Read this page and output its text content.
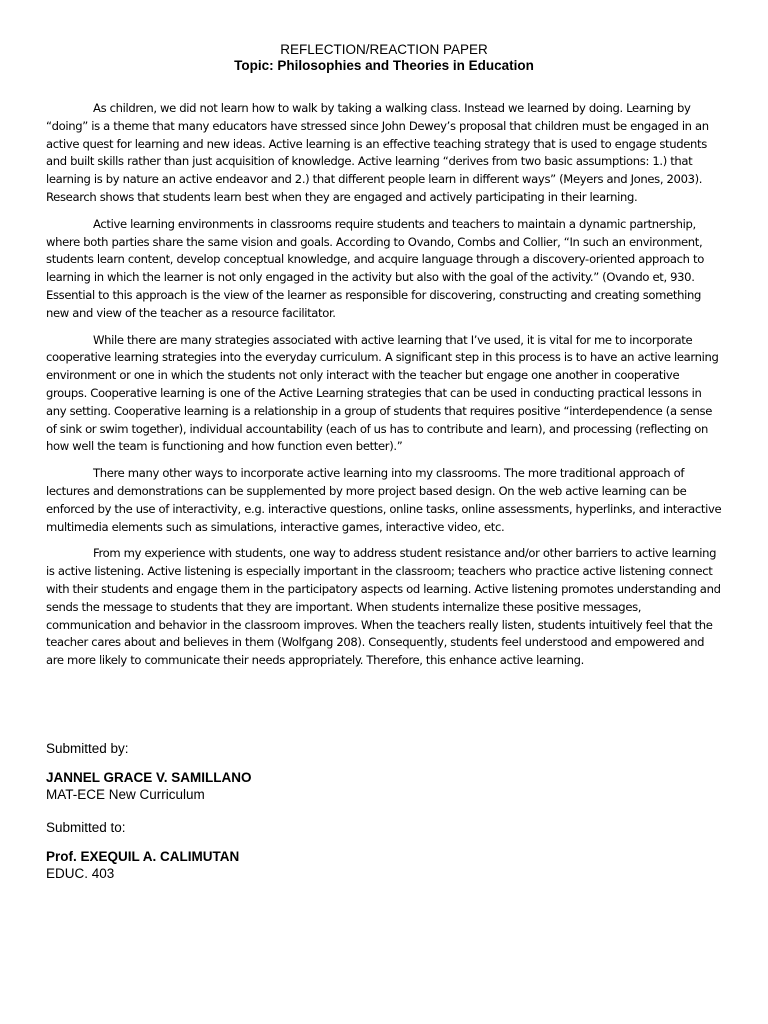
REFLECTION/REACTION PAPER

Topic: Philosophies and Theories in Education

As children, we did not learn how to walk by taking a walking class. Instead we learned by doing. Learning by “doing” is a theme that many educators have stressed since John Dewey’s proposal that children must be engaged in an active quest for learning and new ideas. Active learning is an effective teaching strategy that is used to engage students and built skills rather than just acquisition of knowledge. Active learning “derives from two basic assumptions: 1.) that learning is by nature an active endeavor and 2.) that different people learn in different ways” (Meyers and Jones, 2003). Research shows that students learn best when they are engaged and actively participating in their learning.

Active learning environments in classrooms require students and teachers to maintain a dynamic partnership, where both parties share the same vision and goals. According to Ovando, Combs and Collier, “In such an environment, students learn content, develop conceptual knowledge, and acquire language through a discovery-oriented approach to learning in which the learner is not only engaged in the activity but also with the goal of the activity.” (Ovando et, 930. Essential to this approach is the view of the learner as responsible for discovering, constructing and creating something new and view of the teacher as a resource facilitator.

While there are many strategies associated with active learning that I’ve used, it is vital for me to incorporate cooperative learning strategies into the everyday curriculum. A significant step in this process is to have an active learning environment or one in which the students not only interact with the teacher but engage one another in cooperative groups. Cooperative learning is one of the Active Learning strategies that can be used in conducting practical lessons in any setting. Cooperative learning is a relationship in a group of students that requires positive “interdependence (a sense of sink or swim together), individual accountability (each of us has to contribute and learn), and processing (reflecting on how well the team is functioning and how function even better).”

There many other ways to incorporate active learning into my classrooms. The more traditional approach of lectures and demonstrations can be supplemented by more project based design. On the web active learning can be enforced by the use of interactivity, e.g. interactive questions, online tasks, online assessments, hyperlinks, and interactive multimedia elements such as simulations, interactive games, interactive video, etc.

From my experience with students, one way to address student resistance and/or other barriers to active learning is active listening. Active listening is especially important in the classroom; teachers who practice active listening connect with their students and engage them in the participatory aspects od learning. Active listening promotes understanding and sends the message to students that they are important. When students internalize these positive messages, communication and behavior in the classroom improves. When the teachers really listen, students intuitively feel that the teacher cares about and believes in them (Wolfgang 208). Consequently, students feel understood and empowered and are more likely to communicate their needs appropriately. Therefore, this enhance active learning.

Submitted by:

JANNEL GRACE V. SAMILLANO

MAT-ECE New Curriculum

Submitted to:

Prof. EXEQUIL A. CALIMUTAN

EDUC. 403
